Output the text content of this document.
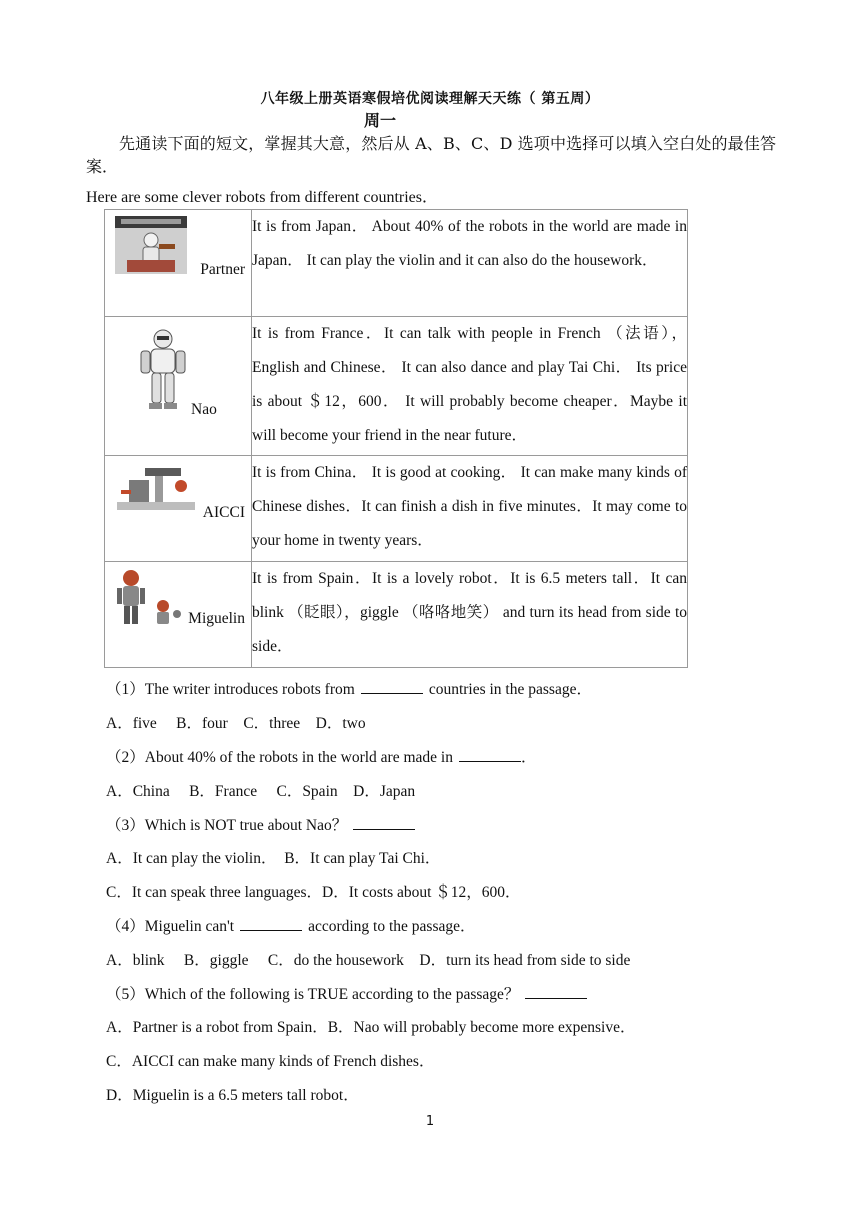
八年级上册英语寒假培优阅读理解天天练（ 第五周）
周一
先通读下面的短文，掌握其大意，然后从 A、B、C、D 选项中选择可以填入空白处的最佳答案．
Here are some clever robots from different countries．
Partner	It is from Japan． About 40% of the robots in the world are made in Japan． It can play the violin and it can also do the housework．

Nao	It is from France．It can talk with people in French （法语），English and Chinese． It can also dance and play Tai Chi． Its price is about ＄12，600． It will probably become cheaper．Maybe it will become your friend in the near future．

AICCI	It is from China． It is good at cooking． It can make many kinds of Chinese dishes．It can finish a dish in five minutes．It may come to your home in twenty years．

Miguelin	It is from Spain．It is a lovely robot．It is 6.5 meters tall．It can blink （眨眼），giggle （咯咯地笑） and turn its head from side to side．
（1）The writer introduces robots from	countries in the passage．
A．five　 B．four　C．three　D．two
（2）About 40% of the robots in the world are made in	．
A．China　 B．France　 C．Spain　D．Japan
（3）Which is NOT true about Nao？
A．It can play the violin．　B．It can play Tai Chi．
C．It can speak three languages．D．It costs about ＄12，600．
（4）Miguelin can't	according to the passage．
A．blink　 B．giggle　 C．do the housework　D．turn its head from side to side
（5）Which of the following is TRUE according to the passage？
A．Partner is a robot from Spain．B．Nao will probably become more expensive．
C．AICCI can make many kinds of French dishes．
D．Miguelin is a 6.5 meters tall robot．
1
